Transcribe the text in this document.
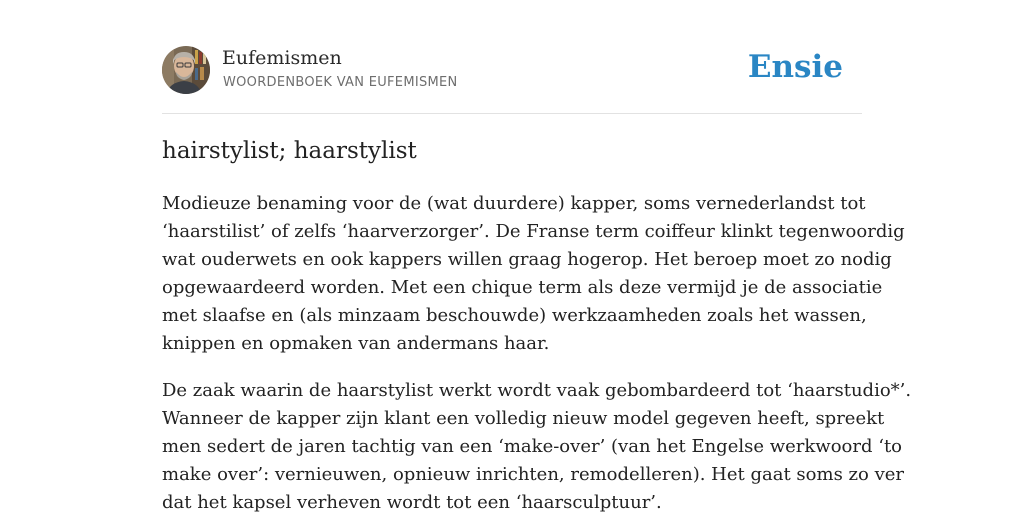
Eufemismen
WOORDENBOEK VAN EUFEMISMEN	Ensie
hairstylist; haarstylist
Modieuze benaming voor de (wat duurdere) kapper, soms vernederlandst tot
‘haarstilist’ of zelfs ‘haarverzorger’. De Franse term coiffeur klinkt tegenwoordig
wat ouderwets en ook kappers willen graag hogerop. Het beroep moet zo nodig
opgewaardeerd worden. Met een chique term als deze vermijd je de associatie
met slaafse en (als minzaam beschouwde) werkzaamheden zoals het wassen,
knippen en opmaken van andermans haar.
De zaak waarin de haarstylist werkt wordt vaak gebombardeerd tot ‘haarstudio*’.
Wanneer de kapper zijn klant een volledig nieuw model gegeven heeft, spreekt
men sedert de jaren tachtig van een ‘make-over’ (van het Engelse werkwoord ‘to
make over’: vernieuwen, opnieuw inrichten, remodelleren). Het gaat soms zo ver
dat het kapsel verheven wordt tot een ‘haarsculptuur’.
